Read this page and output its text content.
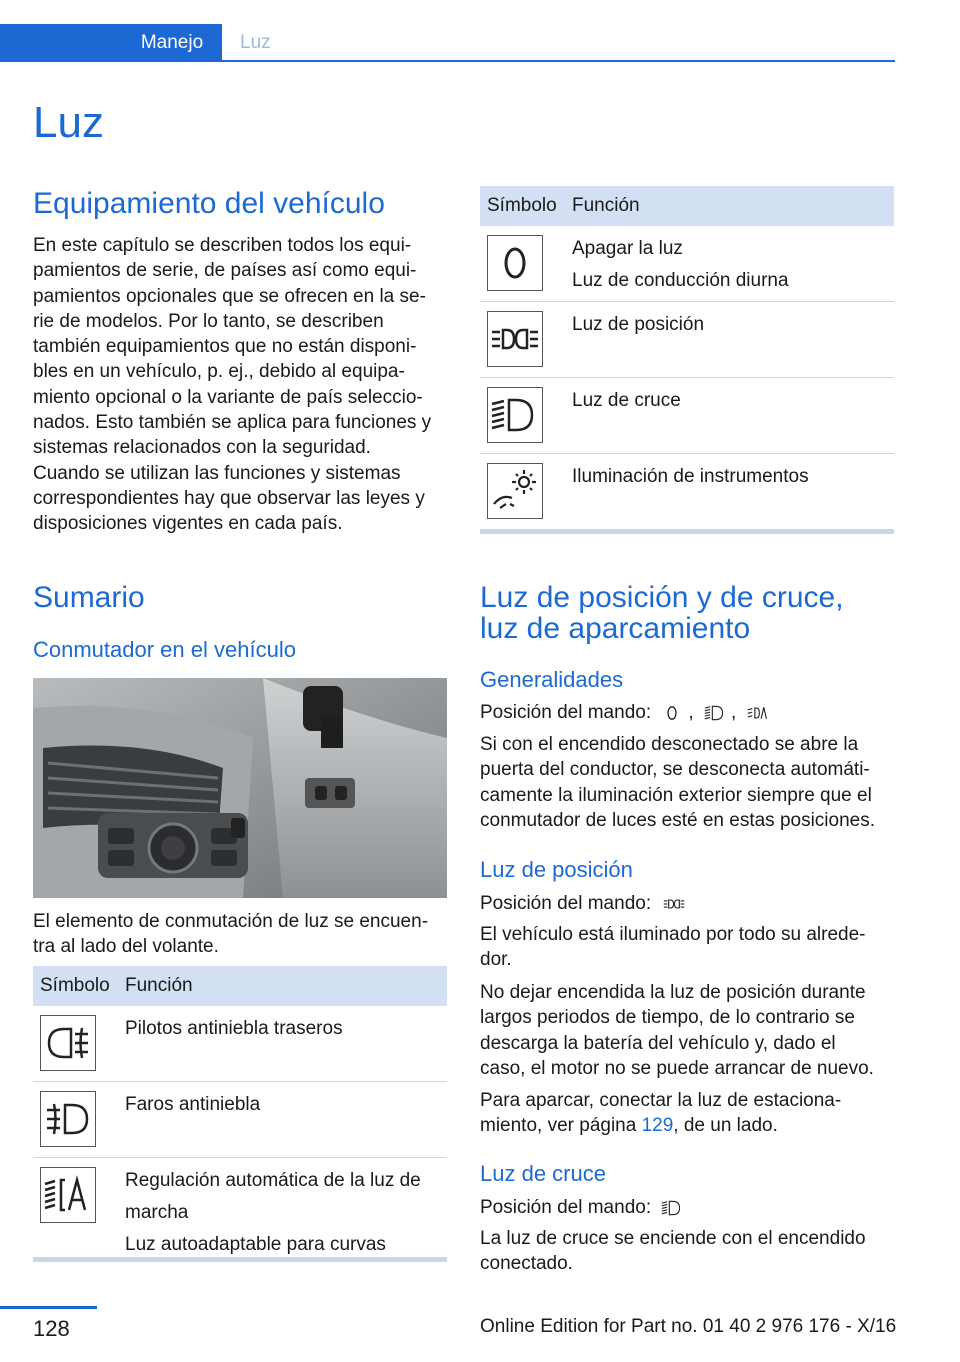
Manejo	Luz
Luz
Equipamiento del vehículo
En este capítulo se describen todos los equi‐
pamientos de serie, de países así como equi‐
pamientos opcionales que se ofrecen en la se‐
rie de modelos. Por lo tanto, se describen
también equipamientos que no están disponi‐
bles en un vehículo, p. ej., debido al equipa‐
miento opcional o la variante de país seleccio‐
nados. Esto también se aplica para funciones y
sistemas relacionados con la seguridad.
Cuando se utilizan las funciones y sistemas
correspondientes hay que observar las leyes y
disposiciones vigentes en cada país.
Sumario
Conmutador en el vehículo
El elemento de conmutación de luz se encuen‐
tra al lado del volante.
Símbolo Función
Pilotos antiniebla traseros
Faros antiniebla
Regulación automática de la luz de
marcha
Luz autoadaptable para curvas
Símbolo Función
Apagar la luz
Luz de conducción diurna
Luz de posición
Luz de cruce
Iluminación de instrumentos
Luz de posición y de cruce,
luz de aparcamiento
Generalidades
Posición del mando: , ,
Si con el encendido desconectado se abre la
puerta del conductor, se desconecta automáti‐
camente la iluminación exterior siempre que el
conmutador de luces esté en estas posiciones.
Luz de posición
Posición del mando:
El vehículo está iluminado por todo su alrede‐
dor.
No dejar encendida la luz de posición durante
largos periodos de tiempo, de lo contrario se
descarga la batería del vehículo y, dado el
caso, el motor no se puede arrancar de nuevo.
Para aparcar, conectar la luz de estaciona‐
miento, ver página 129, de un lado.
Luz de cruce
Posición del mando:
La luz de cruce se enciende con el encendido
conectado.
128	Online Edition for Part no. 01 40 2 976 176 - X/16
